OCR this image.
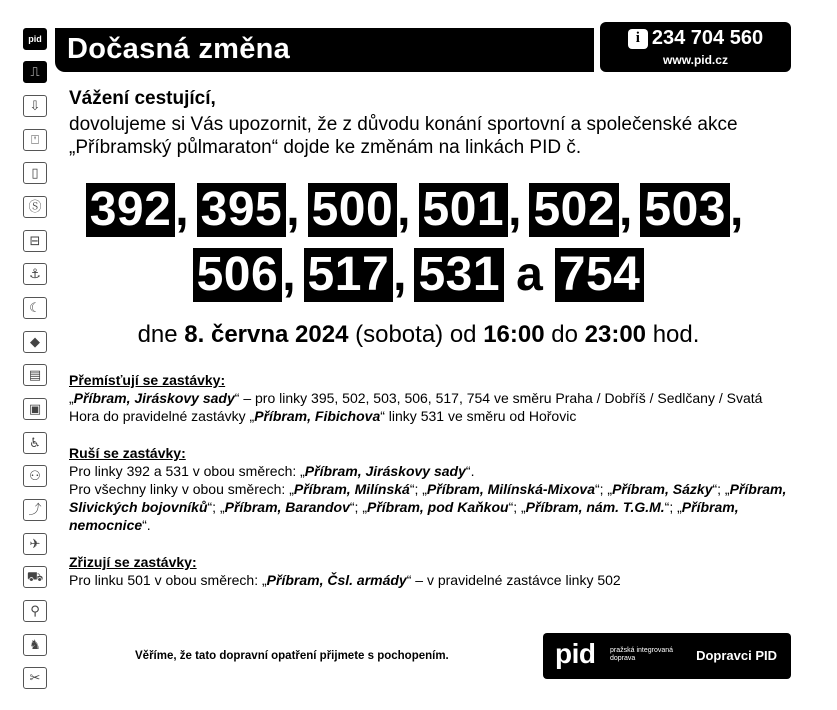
pid
⎍
⇩
⍞
▯
Ⓢ
⊟
⚓
☾
◆
▤
▣
♿
⚇
⤴
✈
⛟
⚲
♞
✂
Dočasná změna	i 234 704 560
www.pid.cz
Vážení cestující,
dovolujeme si Vás upozornit, že z důvodu konání sportovní a společenské akce „Příbramský půlmaraton“ dojde ke změnám na linkách PID č.
392 , 395 , 500 , 501 , 502 , 503 ,
506 , 517 , 531 a 754
dne 8. června 2024 (sobota) od 16:00 do 23:00 hod.
Přemísťují se zastávky:
„Příbram, Jiráskovy sady“ – pro linky 395, 502, 503, 506, 517, 754 ve směru Praha / Dobříš / Sedlčany / Svatá Hora do pravidelné zastávky „Příbram, Fibichova“ linky 531 ve směru od Hořovic
Ruší se zastávky:
Pro linky 392 a 531 v obou směrech: „Příbram, Jiráskovy sady“.
Pro všechny linky v obou směrech: „Příbram, Milínská“; „Příbram, Milínská-Mixova“; „Příbram, Sázky“; „Příbram, Slivických bojovníků“; „Příbram, Barandov“; „Příbram, pod Kaňkou“; „Příbram, nám. T.G.M.“; „Příbram, nemocnice“.
Zřizují se zastávky:
Pro linku 501 v obou směrech: „Příbram, Čsl. armády“ – v pravidelné zastávce linky 502
Věříme, že tato dopravní opatření přijmete s pochopením.	pid pražská integrovaná doprava	Dopravci PID
